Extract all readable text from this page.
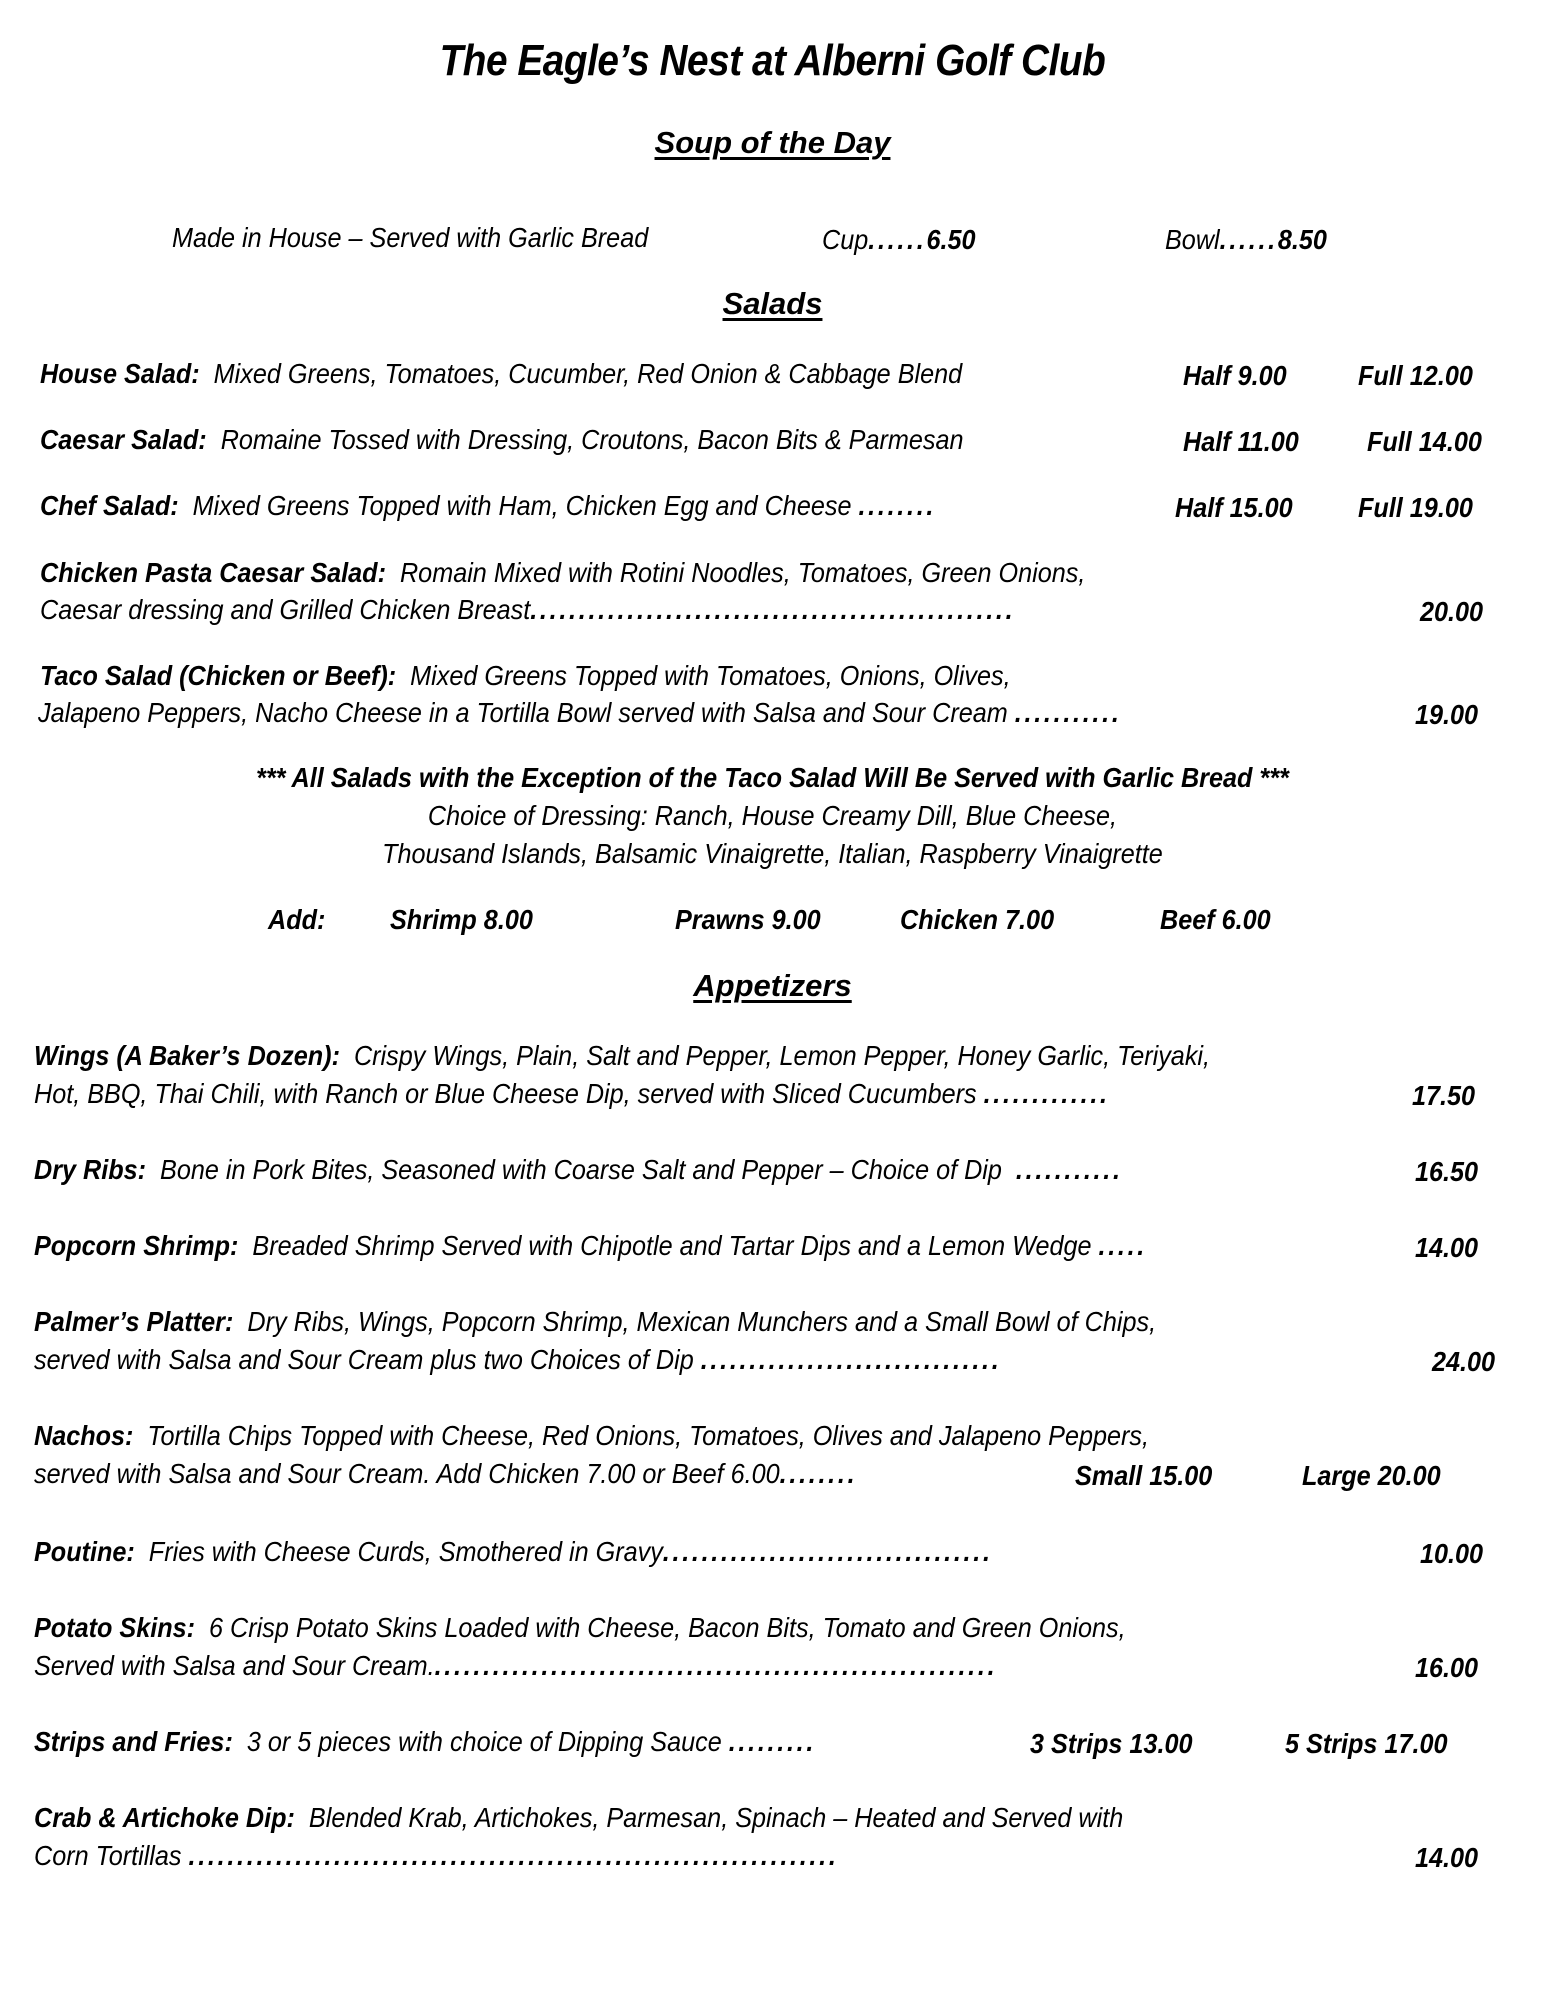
The Eagle’s Nest at Alberni Golf Club
Soup of the Day
Made in House – Served with Garlic Bread	Cup......6.50	Bowl......8.50
Salads
House Salad: Mixed Greens, Tomatoes, Cucumber, Red Onion & Cabbage Blend	Half 9.00	Full 12.00
Caesar Salad: Romaine Tossed with Dressing, Croutons, Bacon Bits & Parmesan	Half 11.00 Full 14.00
Chef Salad: Mixed Greens Topped with Ham, Chicken Egg and Cheese ........	Half 15.00 Full 19.00
Chicken Pasta Caesar Salad: Romain Mixed with Rotini Noodles, Tomatoes, Green Onions,
Caesar dressing and Grilled Chicken Breast..................................................	20.00
Taco Salad (Chicken or Beef): Mixed Greens Topped with Tomatoes, Onions, Olives,
Jalapeno Peppers, Nacho Cheese in a Tortilla Bowl served with Salsa and Sour Cream ...........	19.00
*** All Salads with the Exception of the Taco Salad Will Be Served with Garlic Bread ***
Choice of Dressing: Ranch, House Creamy Dill, Blue Cheese,
Thousand Islands, Balsamic Vinaigrette, Italian, Raspberry Vinaigrette
Add: Shrimp 8.00	Prawns 9.00	Chicken 7.00	Beef 6.00
Appetizers
Wings (A Baker’s Dozen): Crispy Wings, Plain, Salt and Pepper, Lemon Pepper, Honey Garlic, Teriyaki,
Hot, BBQ, Thai Chili, with Ranch or Blue Cheese Dip, served with Sliced Cucumbers .............	17.50
Dry Ribs: Bone in Pork Bites, Seasoned with Coarse Salt and Pepper – Choice of Dip ...........	16.50
Popcorn Shrimp: Breaded Shrimp Served with Chipotle and Tartar Dips and a Lemon Wedge .....	14.00
Palmer’s Platter: Dry Ribs, Wings, Popcorn Shrimp, Mexican Munchers and a Small Bowl of Chips,
served with Salsa and Sour Cream plus two Choices of Dip ...............................	24.00
Nachos: Tortilla Chips Topped with Cheese, Red Onions, Tomatoes, Olives and Jalapeno Peppers,
served with Salsa and Sour Cream. Add Chicken 7.00 or Beef 6.00........	Small 15.00	Large 20.00
Poutine: Fries with Cheese Curds, Smothered in Gravy..................................	10.00
Potato Skins: 6 Crisp Potato Skins Loaded with Cheese, Bacon Bits, Tomato and Green Onions,
Served with Salsa and Sour Cream...........................................................	16.00
Strips and Fries: 3 or 5 pieces with choice of Dipping Sauce .........	3 Strips 13.00	5 Strips 17.00
Crab & Artichoke Dip: Blended Krab, Artichokes, Parmesan, Spinach – Heated and Served with
Corn Tortillas ...................................................................	14.00
